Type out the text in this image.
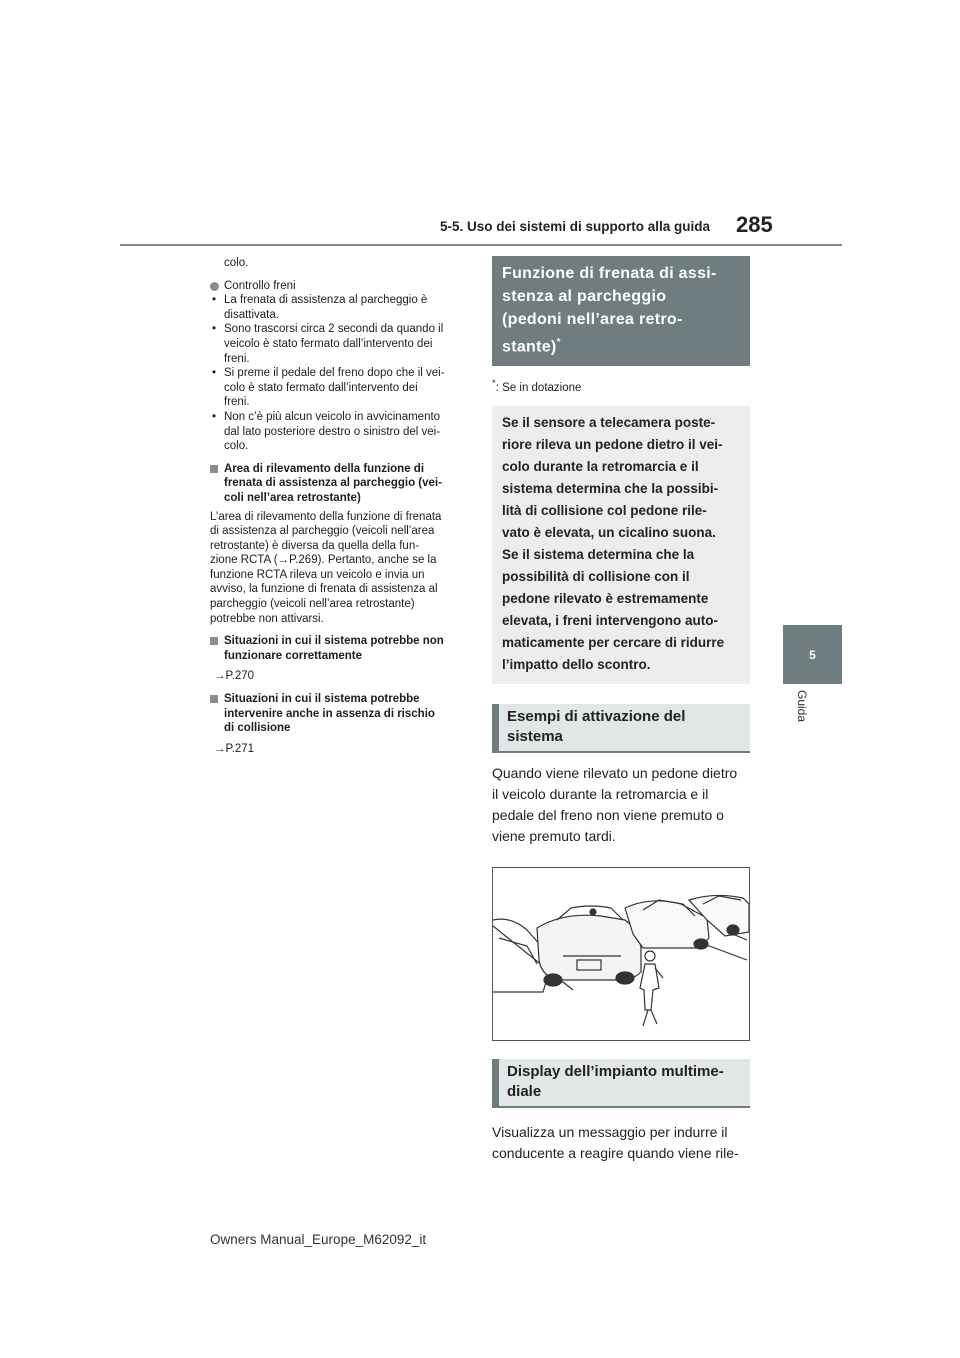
5-5. Uso dei sistemi di supporto alla guida 285
5
Guida

colo.

Controllo freni
• La frenata di assistenza al parcheggio è
disattivata.
• Sono trascorsi circa 2 secondi da quando il
veicolo è stato fermato dall’intervento dei
freni.
• Si preme il pedale del freno dopo che il vei-
colo è stato fermato dall’intervento dei
freni.
• Non c’è più alcun veicolo in avvicinamento
dal lato posteriore destro o sinistro del vei-
colo.
Area di rilevamento della funzione di
frenata di assistenza al parcheggio (vei-
coli nell’area retrostante)

L’area di rilevamento della funzione di frenata
di assistenza al parcheggio (veicoli nell’area
retrostante) è diversa da quella della fun-
zione RCTA (→P.269). Pertanto, anche se la
funzione RCTA rileva un veicolo e invia un
avviso, la funzione di frenata di assistenza al
parcheggio (veicoli nell’area retrostante)
potrebbe non attivarsi.

Situazioni in cui il sistema potrebbe non
funzionare correttamente

→P.270

Situazioni in cui il sistema potrebbe
intervenire anche in assenza di rischio
di collisione

→P.271

Funzione di frenata di assi-
stenza al parcheggio
(pedoni nell’area retro-
stante)*

*: Se in dotazione

Se il sensore a telecamera poste-
riore rileva un pedone dietro il vei-
colo durante la retromarcia e il
sistema determina che la possibi-
lità di collisione col pedone rile-
vato è elevata, un cicalino suona.
Se il sistema determina che la
possibilità di collisione con il
pedone rilevato è estremamente
elevata, i freni intervengono auto-
maticamente per cercare di ridurre
l’impatto dello scontro.
Esempi di attivazione del
sistema

Quando viene rilevato un pedone dietro
il veicolo durante la retromarcia e il
pedale del freno non viene premuto o
viene premuto tardi.

Display dell’impianto multime-
diale

Visualizza un messaggio per indurre il
conducente a reagire quando viene rile-

Owners Manual_Europe_M62092_it
